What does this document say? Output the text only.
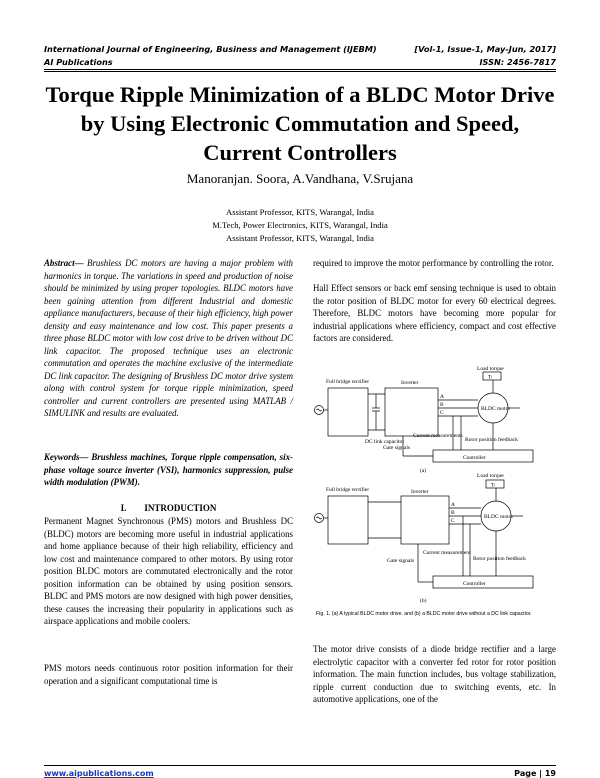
International Journal of Engineering, Business and Management (IJEBM)
AI Publications
[Vol-1, Issue-1, May-Jun, 2017]
ISSN: 2456-7817
Torque Ripple Minimization of a BLDC Motor Drive by Using Electronic Commutation and Speed, Current Controllers
Manoranjan. Soora, A.Vandhana, V.Srujana
Assistant Professor, KITS, Warangal, India
M.Tech, Power Electronics, KITS, Warangal, India
Assistant Professor, KITS, Warangal, India
Abstract— Brushless DC motors are having a major problem with harmonics in torque. The variations in speed and production of noise should be minimized by using proper topologies. BLDC motors have been gaining attention from different Industrial and domestic appliance manufacturers, because of their high efficiency, high power density and easy maintenance and low cost. This paper presents a three phase BLDC motor with low cost drive to be driven without DC link capacitor. The proposed technique uses an electronic commutation and operates the machine exclusive of the intermediate DC link capacitor. The designing of Brushless DC motor drive system along with control system for torque ripple minimization, speed controller and current controllers are presented using MATLAB / SIMULINK and results are evaluated.
Keywords— Brushless machines, Torque ripple compensation, six-phase voltage source inverter (VSI), harmonics suppression, pulse width modulation (PWM).
I.        INTRODUCTION
Permanent Magnet Synchronous (PMS) motors and Brushless DC (BLDC) motors are becoming more useful in industrial applications and home appliance because of their high reliability, efficiency and low cost and maintenance compared to other motors. By using rotor position BLDC motors are commutated electronically and the rotor position information can be obtained by using position sensors. BLDC and PMS motors are now designed with high power densities, these causes the increasing their popularity in applications such as airspace applications and mobile coolers.
PMS motors needs continuous rotor position information for their operation and a significant computational time is
required to improve the motor performance by controlling the rotor.
Hall Effect sensors or back emf sensing technique is used to obtain the rotor position of BLDC motor for every 60 electrical degrees. Therefore, BLDC motors have becoming more popular for industrial applications where efficiency, compact and cost effective factors are considered.
Load torque
Tₗ
Full bridge rectifier	Inverter
BLDC motor
A
B
C
DC link capacitor
Current measurements
Gate signals
Rotor position feedback
Controller
(a)
Load torque
Tₗ
Full bridge rectifier	Inverter
BLDC motor
A
B
C
Current measurement
Gate signals	Rotor position feedback
Controller
(b)
Fig. 1. (a) A typical BLDC motor drive. and (b) a BLDC motor drive without a DC link capacitor.
The motor drive consists of a diode bridge rectifier and a large electrolytic capacitor with a converter fed rotor for rotor position information. The main function includes, bus voltage stabilization, ripple current conduction due to switching events, etc. In automotive applications, one of the
www.aipublications.com	Page | 19
